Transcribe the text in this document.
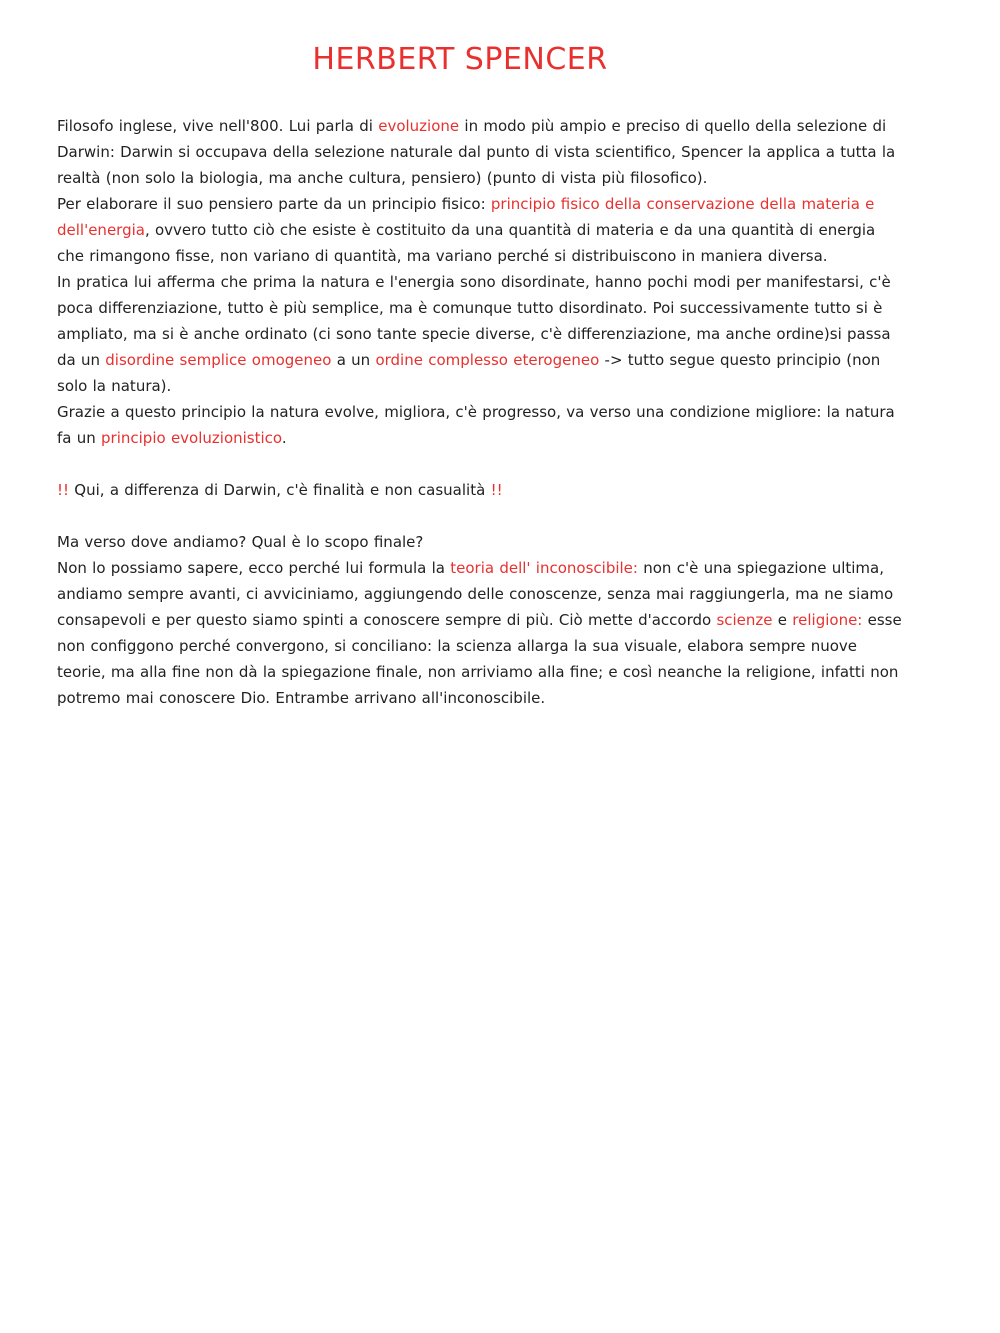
HERBERT SPENCER

Filosofo inglese, vive nell'800. Lui parla di evoluzione in modo più ampio e preciso di quello della selezione di Darwin: Darwin si occupava della selezione naturale dal punto di vista scientifico, Spencer la applica a tutta la realtà (non solo la biologia, ma anche cultura, pensiero) (punto di vista più filosofico).

Per elaborare il suo pensiero parte da un principio fisico: principio fisico della conservazione della materia e dell'energia, ovvero tutto ciò che esiste è costituito da una quantità di materia e da una quantità di energia che rimangono fisse, non variano di quantità, ma variano perché si distribuiscono in maniera diversa.

In pratica lui afferma che prima la natura e l'energia sono disordinate, hanno pochi modi per manifestarsi, c'è poca differenziazione, tutto è più semplice, ma è comunque tutto disordinato. Poi successivamente tutto si è ampliato, ma si è anche ordinato (ci sono tante specie diverse, c'è differenziazione, ma anche ordine)si passa da un disordine semplice omogeneo a un ordine complesso eterogeneo -> tutto segue questo principio (non solo la natura).

Grazie a questo principio la natura evolve, migliora, c'è progresso, va verso una condizione migliore: la natura fa un principio evoluzionistico.

!! Qui, a differenza di Darwin, c'è finalità e non casualità !!

Ma verso dove andiamo? Qual è lo scopo finale?

Non lo possiamo sapere, ecco perché lui formula la teoria dell' inconoscibile: non c'è una spiegazione ultima, andiamo sempre avanti, ci avviciniamo, aggiungendo delle conoscenze, senza mai raggiungerla, ma ne siamo consapevoli e per questo siamo spinti a conoscere sempre di più. Ciò mette d'accordo scienze e religione: esse non configgono perché convergono, si conciliano: la scienza allarga la sua visuale, elabora sempre nuove teorie, ma alla fine non dà la spiegazione finale, non arriviamo alla fine; e così neanche la religione, infatti non potremo mai conoscere Dio. Entrambe arrivano all'inconoscibile.
